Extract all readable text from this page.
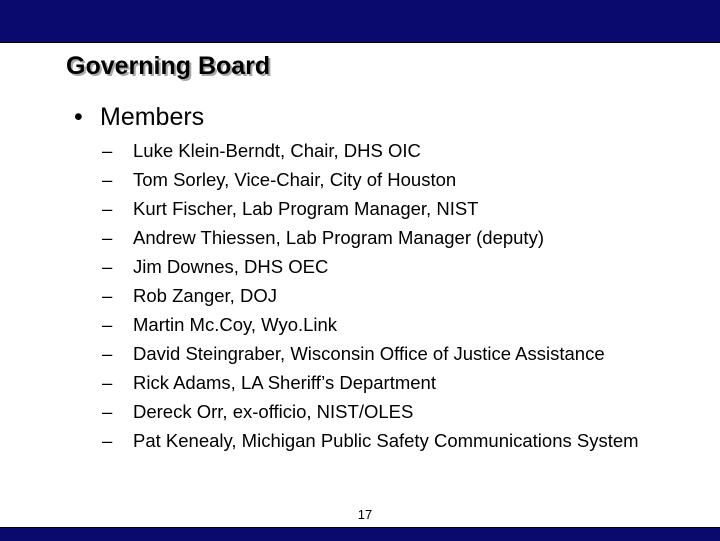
Governing Board
• Members
– Luke Klein-Berndt, Chair, DHS OIC
– Tom Sorley, Vice-Chair, City of Houston
– Kurt Fischer, Lab Program Manager, NIST
– Andrew Thiessen, Lab Program Manager (deputy)
– Jim Downes, DHS OEC
– Rob Zanger, DOJ
– Martin Mc.Coy, Wyo.Link
– David Steingraber, Wisconsin Office of Justice Assistance
– Rick Adams, LA Sheriff’s Department
– Dereck Orr, ex-officio, NIST/OLES
– Pat Kenealy, Michigan Public Safety Communications System
17
